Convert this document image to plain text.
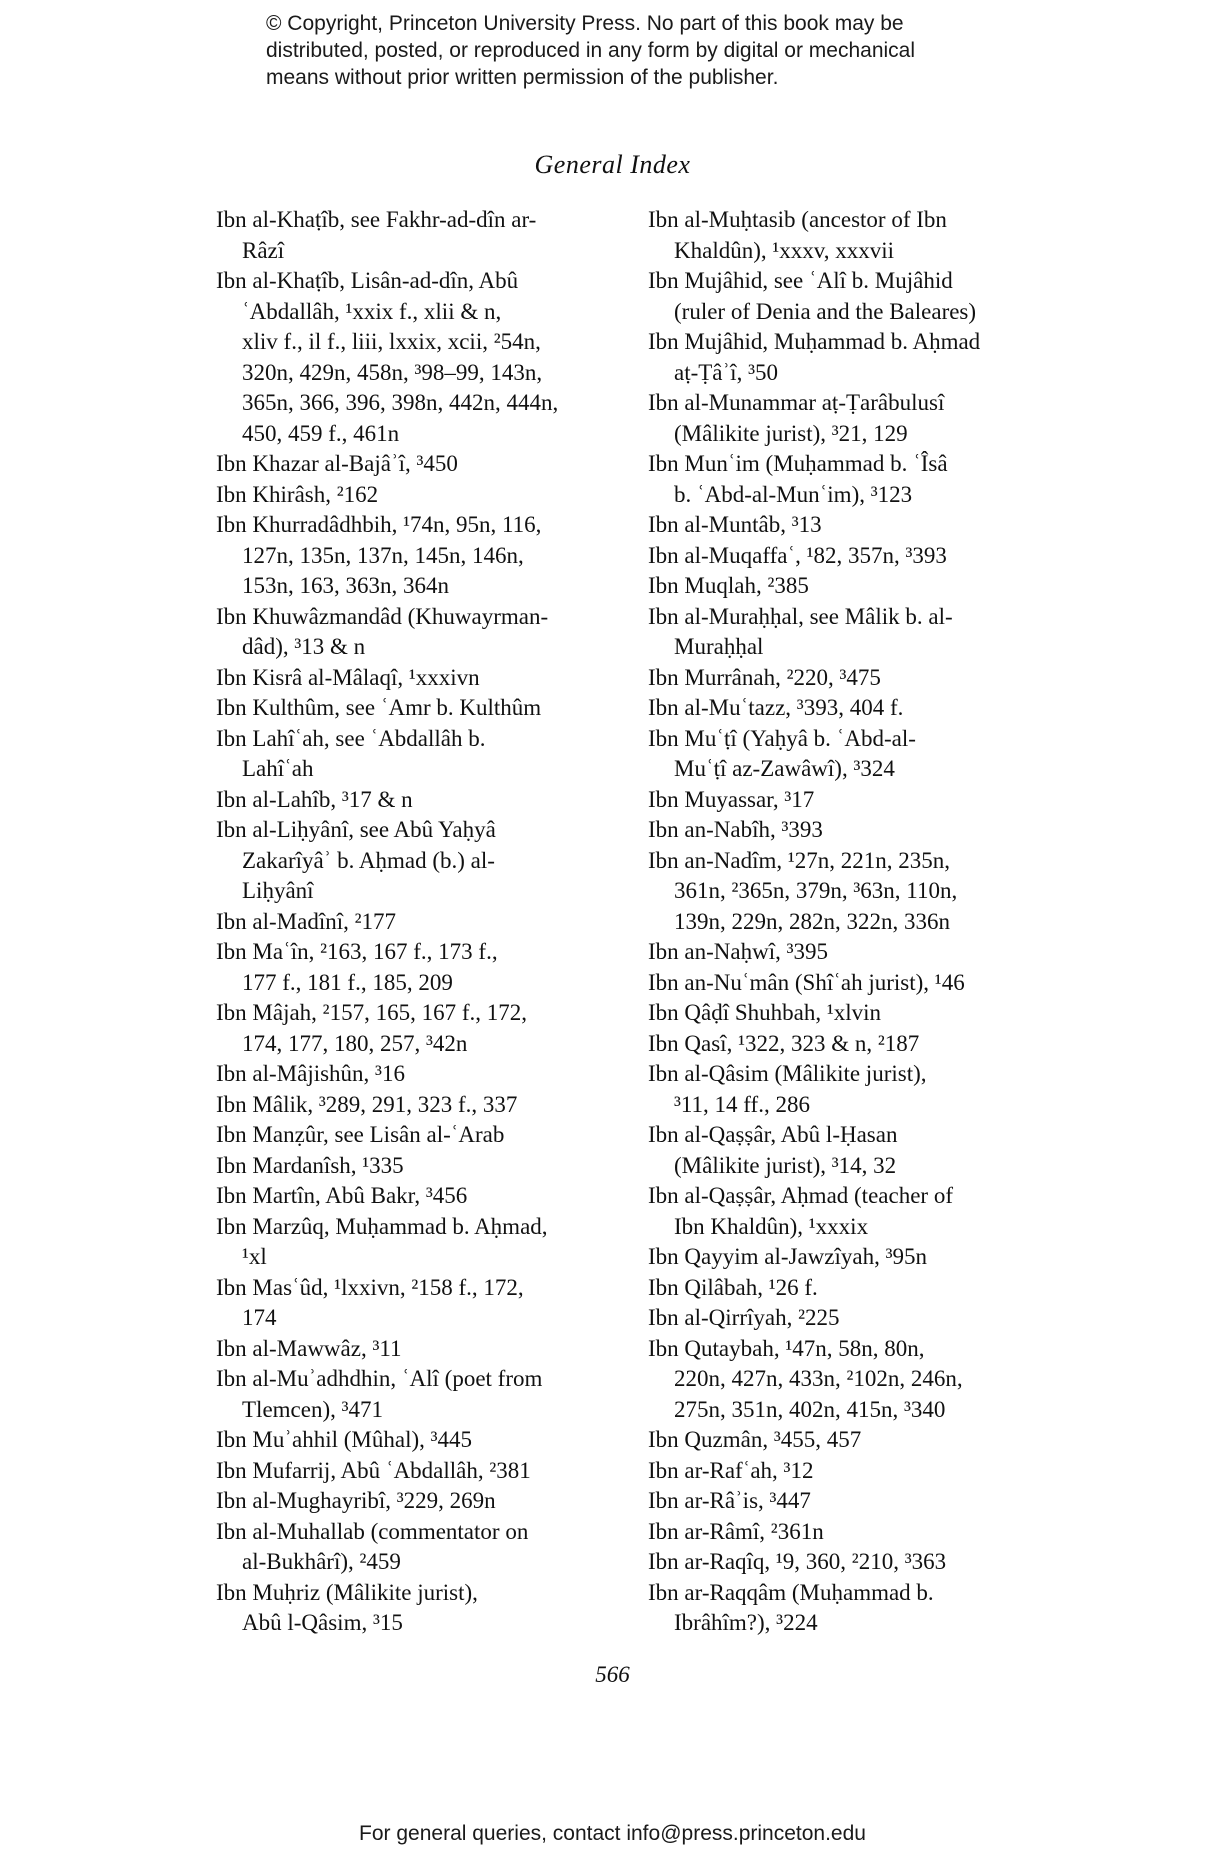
© Copyright, Princeton University Press. No part of this book may be
distributed, posted, or reproduced in any form by digital or mechanical
means without prior written permission of the publisher.
General Index
Ibn al-Khaṭîb, see Fakhr-ad-dîn ar-
Râzî
Ibn al-Khaṭîb, Lisân-ad-dîn, Abû
ʿAbdallâh, ¹xxix f., xlii & n,
xliv f., il f., liii, lxxix, xcii, ²54n,
320n, 429n, 458n, ³98–99, 143n,
365n, 366, 396, 398n, 442n, 444n,
450, 459 f., 461n
Ibn Khazar al-Bajâʾî, ³450
Ibn Khirâsh, ²162
Ibn Khurradâdhbih, ¹74n, 95n, 116,
127n, 135n, 137n, 145n, 146n,
153n, 163, 363n, 364n
Ibn Khuwâzmandâd (Khuwayrman-
dâd), ³13 & n
Ibn Kisrâ al-Mâlaqî, ¹xxxivn
Ibn Kulthûm, see ʿAmr b. Kulthûm
Ibn Lahîʿah, see ʿAbdallâh b.
Lahîʿah
Ibn al-Lahîb, ³17 & n
Ibn al-Liḥyânî, see Abû Yaḥyâ
Zakarîyâʾ b. Aḥmad (b.) al-
Liḥyânî
Ibn al-Madînî, ²177
Ibn Maʿîn, ²163, 167 f., 173 f.,
177 f., 181 f., 185, 209
Ibn Mâjah, ²157, 165, 167 f., 172,
174, 177, 180, 257, ³42n
Ibn al-Mâjishûn, ³16
Ibn Mâlik, ³289, 291, 323 f., 337
Ibn Manẓûr, see Lisân al-ʿArab
Ibn Mardanîsh, ¹335
Ibn Martîn, Abû Bakr, ³456
Ibn Marzûq, Muḥammad b. Aḥmad,
¹xl
Ibn Masʿûd, ¹lxxivn, ²158 f., 172,
174
Ibn al-Mawwâz, ³11
Ibn al-Muʾadhdhin, ʿAlî (poet from
Tlemcen), ³471
Ibn Muʾahhil (Mûhal), ³445
Ibn Mufarrij, Abû ʿAbdallâh, ²381
Ibn al-Mughayribî, ³229, 269n
Ibn al-Muhallab (commentator on
al-Bukhârî), ²459
Ibn Muḥriz (Mâlikite jurist),
Abû l-Qâsim, ³15
Ibn al-Muḥtasib (ancestor of Ibn
Khaldûn), ¹xxxv, xxxvii
Ibn Mujâhid, see ʿAlî b. Mujâhid
(ruler of Denia and the Baleares)
Ibn Mujâhid, Muḥammad b. Aḥmad
aṭ-Ṭâʾî, ³50
Ibn al-Munammar aṭ-Ṭarâbulusî
(Mâlikite jurist), ³21, 129
Ibn Munʿim (Muḥammad b. ʿÎsâ
b. ʿAbd-al-Munʿim), ³123
Ibn al-Muntâb, ³13
Ibn al-Muqaffaʿ, ¹82, 357n, ³393
Ibn Muqlah, ²385
Ibn al-Muraḥḥal, see Mâlik b. al-
Muraḥḥal
Ibn Murrânah, ²220, ³475
Ibn al-Muʿtazz, ³393, 404 f.
Ibn Muʿṭî (Yaḥyâ b. ʿAbd-al-
Muʿṭî az-Zawâwî), ³324
Ibn Muyassar, ³17
Ibn an-Nabîh, ³393
Ibn an-Nadîm, ¹27n, 221n, 235n,
361n, ²365n, 379n, ³63n, 110n,
139n, 229n, 282n, 322n, 336n
Ibn an-Naḥwî, ³395
Ibn an-Nuʿmân (Shîʿah jurist), ¹46
Ibn Qâḍî Shuhbah, ¹xlvin
Ibn Qasî, ¹322, 323 & n, ²187
Ibn al-Qâsim (Mâlikite jurist),
³11, 14 ff., 286
Ibn al-Qaṣṣâr, Abû l-Ḥasan
(Mâlikite jurist), ³14, 32
Ibn al-Qaṣṣâr, Aḥmad (teacher of
Ibn Khaldûn), ¹xxxix
Ibn Qayyim al-Jawzîyah, ³95n
Ibn Qilâbah, ¹26 f.
Ibn al-Qirrîyah, ²225
Ibn Qutaybah, ¹47n, 58n, 80n,
220n, 427n, 433n, ²102n, 246n,
275n, 351n, 402n, 415n, ³340
Ibn Quzmân, ³455, 457
Ibn ar-Rafʿah, ³12
Ibn ar-Râʾis, ³447
Ibn ar-Râmî, ²361n
Ibn ar-Raqîq, ¹9, 360, ²210, ³363
Ibn ar-Raqqâm (Muḥammad b.
Ibrâhîm?), ³224
566
For general queries, contact info@press.princeton.edu
